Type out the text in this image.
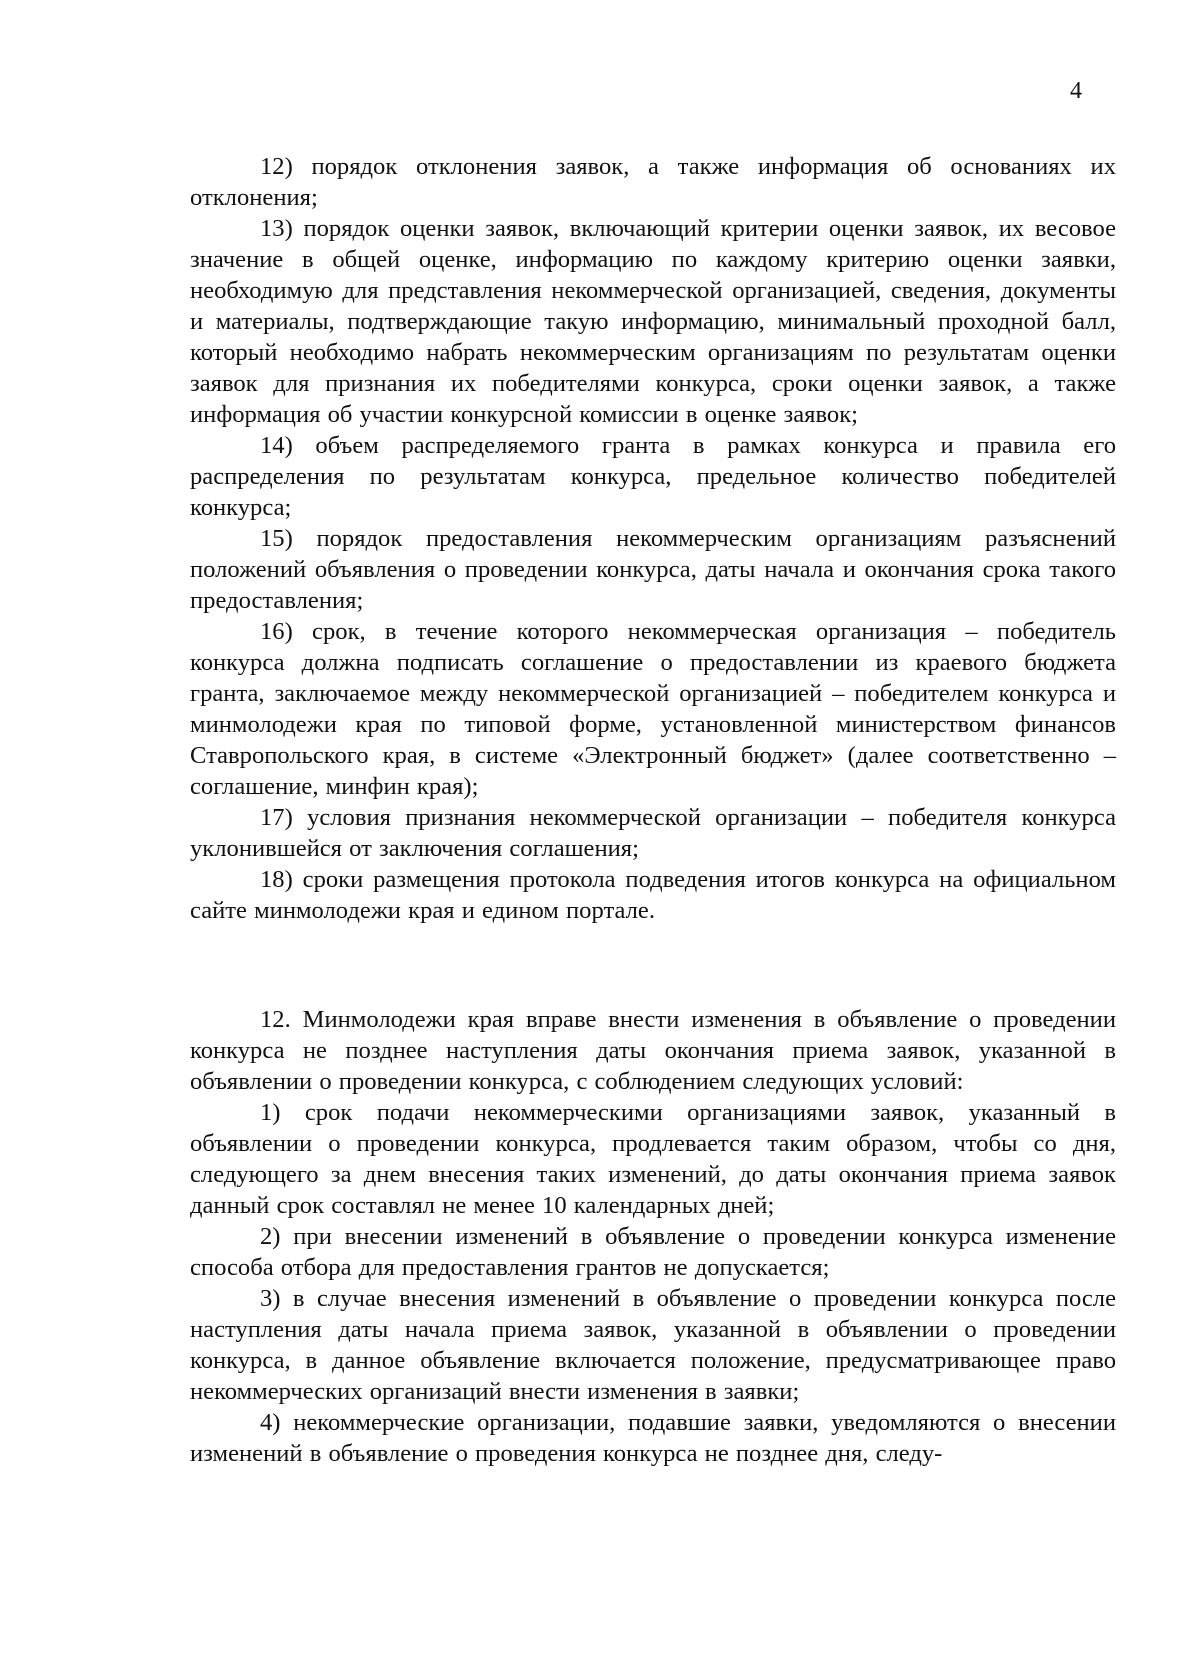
4

12) порядок отклонения заявок, а также информация об основаниях их отклонения;

13) порядок оценки заявок, включающий критерии оценки заявок, их весовое значение в общей оценке, информацию по каждому критерию оценки заявки, необходимую для представления некоммерческой организацией, сведения, документы и материалы, подтверждающие такую информацию, минимальный проходной балл, который необходимо набрать некоммерческим организациям по результатам оценки заявок для признания их победителями конкурса, сроки оценки заявок, а также информация об участии конкурсной комиссии в оценке заявок;

14) объем распределяемого гранта в рамках конкурса и правила его распределения по результатам конкурса, предельное количество победителей конкурса;

15) порядок предоставления некоммерческим организациям разъяснений положений объявления о проведении конкурса, даты начала и окончания срока такого предоставления;

16) срок, в течение которого некоммерческая организация – победитель конкурса должна подписать соглашение о предоставлении из краевого бюджета гранта, заключаемое между некоммерческой организацией – победителем конкурса и минмолодежи края по типовой форме, установленной министерством финансов Ставропольского края, в системе «Электронный бюджет» (далее соответственно – соглашение, минфин края);

17) условия признания некоммерческой организации – победителя конкурса уклонившейся от заключения соглашения;

18) сроки размещения протокола подведения итогов конкурса на официальном сайте минмолодежи края и едином портале.

12. Минмолодежи края вправе внести изменения в объявление о проведении конкурса не позднее наступления даты окончания приема заявок, указанной в объявлении о проведении конкурса, с соблюдением следующих условий:

1) срок подачи некоммерческими организациями заявок, указанный в объявлении о проведении конкурса, продлевается таким образом, чтобы со дня, следующего за днем внесения таких изменений, до даты окончания приема заявок данный срок составлял не менее 10 календарных дней;

2) при внесении изменений в объявление о проведении конкурса изменение способа отбора для предоставления грантов не допускается;

3) в случае внесения изменений в объявление о проведении конкурса после наступления даты начала приема заявок, указанной в объявлении о проведении конкурса, в данное объявление включается положение, предусматривающее право некоммерческих организаций внести изменения в заявки;

4) некоммерческие организации, подавшие заявки, уведомляются о внесении изменений в объявление о проведения конкурса не позднее дня, следу-
